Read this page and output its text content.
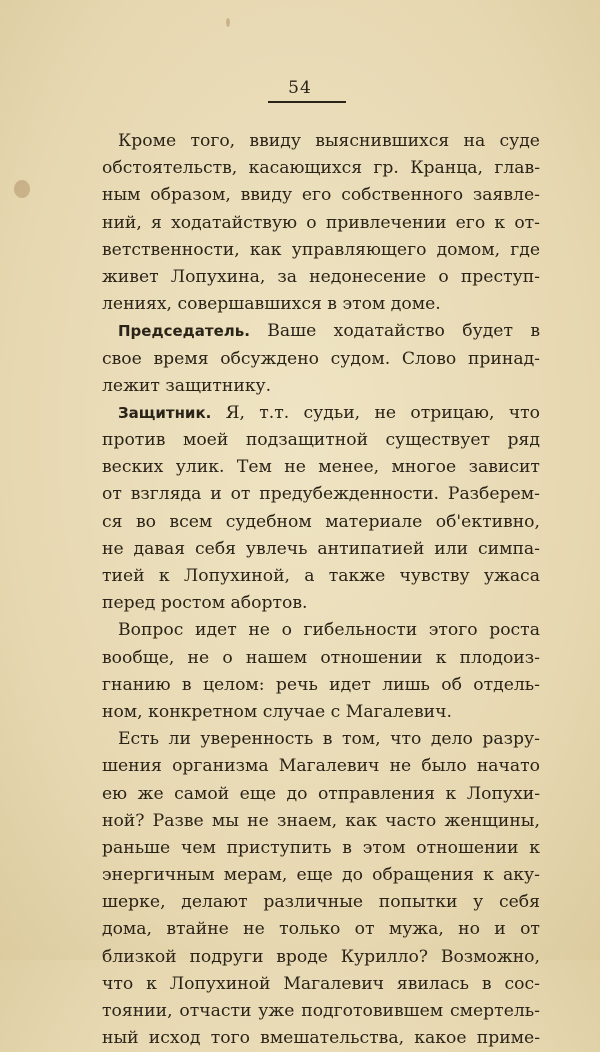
54
Кроме того, ввиду выяснившихся на суде
обстоятельств, касающихся гр. Кранца, глав-
ным образом, ввиду его собственного заявле-
ний, я ходатайствую о привлечении его к от-
ветственности, как управляющего домом, где
живет Лопухина, за недонесение о преступ-
лениях,
совершавшихся
в
этом
доме.
Председатель. Ваше ходатайство будет в
свое время обсуждено судом. Слово принад-
лежит
защитнику.
Защитник. Я, т.т. судьи, не отрицаю, что
против моей подзащитной существует ряд
веских улик. Тем не менее, многое зависит
от взгляда и от предубежденности. Разберем-
ся во всем судебном материале об'ективно,
не давая себя увлечь антипатией или симпа-
тией к Лопухиной, а также чувству ужаса
перед
ростом
абортов.
Вопрос идет не о гибельности этого роста
вообще, не о нашем отношении к плодоиз-
гнанию в целом: речь идет лишь об отдель-
ном,
конкретном
случае
с
Магалевич.
Есть ли уверенность в том, что дело разру-
шения организма Магалевич не было начато
ею же самой еще до отправления к Лопухи-
ной? Разве мы не знаем, как часто женщины,
раньше чем приступить в этом отношении к
энергичным мерам, еще до обращения к аку-
шерке, делают различные попытки у себя
дома, втайне не только от мужа, но и от
близкой подруги вроде Курилло? Возможно,
что к Лопухиной Магалевич явилась в сос-
тоянии, отчасти уже подготовившем смертель-
ный исход того вмешательства, какое приме-
